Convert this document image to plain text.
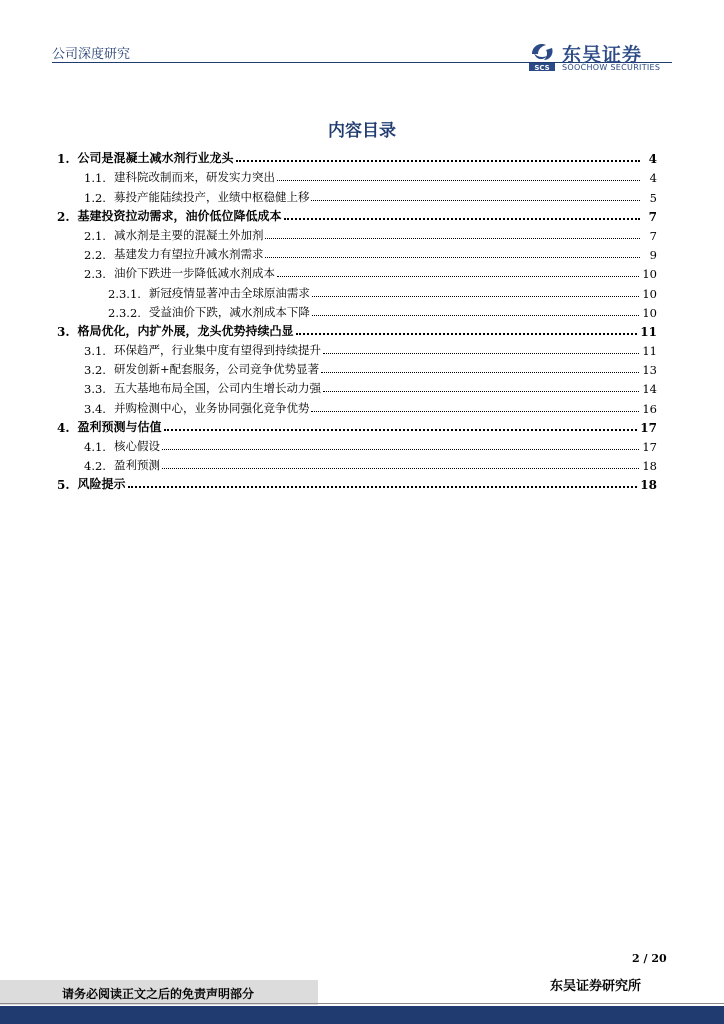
公司深度研究
SCS
东吴证券
SOOCHOW SECURITIES
内容目录
1. 公司是混凝土减水剂行业龙头	4
1.1. 建科院改制而来，研发实力突出	4
1.2. 募投产能陆续投产，业绩中枢稳健上移	5
2. 基建投资拉动需求，油价低位降低成本	7
2.1. 减水剂是主要的混凝土外加剂	7
2.2. 基建发力有望拉升减水剂需求	9
2.3. 油价下跌进一步降低减水剂成本	10
2.3.1. 新冠疫情显著冲击全球原油需求	10
2.3.2. 受益油价下跌，减水剂成本下降	10
3. 格局优化，内扩外展，龙头优势持续凸显	11
3.1. 环保趋严，行业集中度有望得到持续提升	11
3.2. 研发创新+配套服务，公司竞争优势显著	13
3.3. 五大基地布局全国，公司内生增长动力强	14
3.4. 并购检测中心，业务协同强化竞争优势	16
4. 盈利预测与估值	17
4.1. 核心假设	17
4.2. 盈利预测	18
5. 风险提示	18
2 / 20
请务必阅读正文之后的免责声明部分	东吴证券研究所
